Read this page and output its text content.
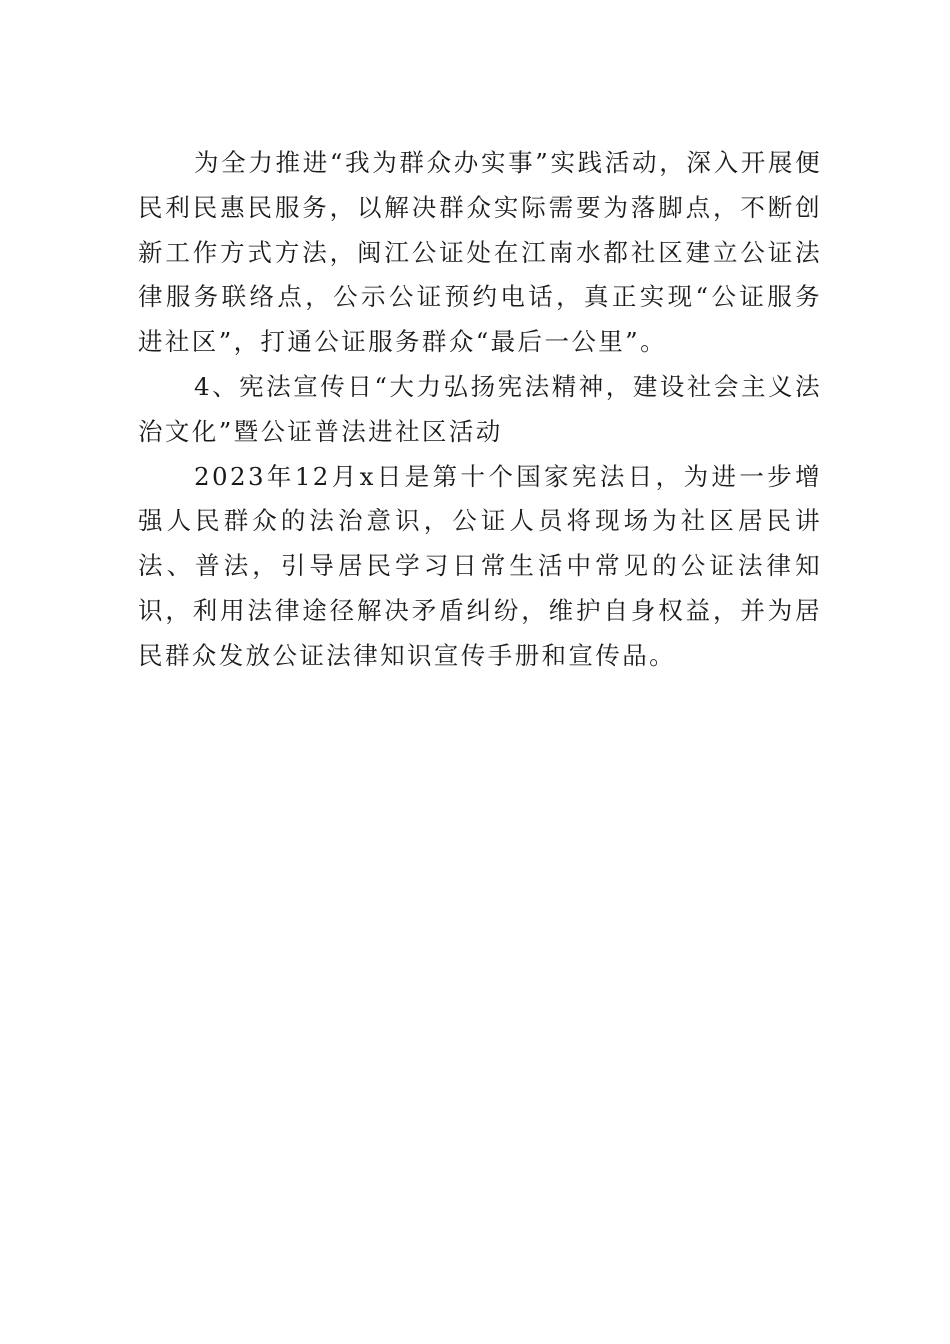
为全力推进“我为群众办实事”实践活动，深入开展便民利民惠民服务，以解决群众实际需要为落脚点，不断创新工作方式方法，闽江公证处在江南水都社区建立公证法律服务联络点，公示公证预约电话，真正实现“公证服务进社区”，打通公证服务群众“最后一公里”。

4、宪法宣传日“大力弘扬宪法精神，建设社会主义法治文化”暨公证普法进社区活动

2023年12月x日是第十个国家宪法日，为进一步增强人民群众的法治意识，公证人员将现场为社区居民讲法、普法，引导居民学习日常生活中常见的公证法律知识，利用法律途径解决矛盾纠纷，维护自身权益，并为居民群众发放公证法律知识宣传手册和宣传品。
